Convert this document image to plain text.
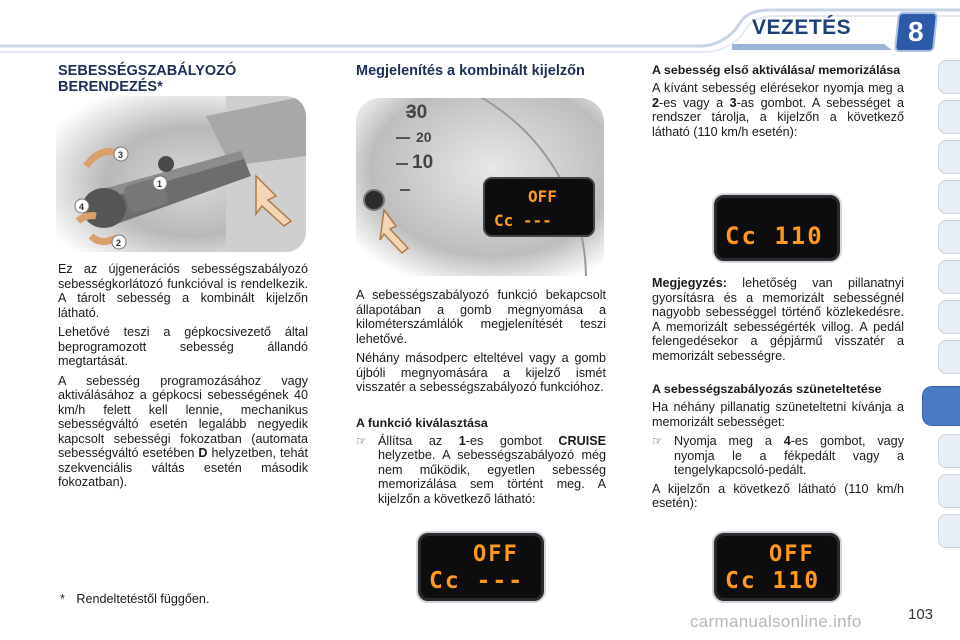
VEZETÉS 8
SEBESSÉGSZABÁLYOZÓ BERENDEZÉS*
3
1
4
2

Ez az újgenerációs sebességszabályozó sebességkorlátozó funkcióval is rendelkezik. A tárolt sebesség a kombinált kijelzőn látható.

Lehetővé teszi a gépkocsivezető által beprogramozott sebesség állandó megtartását.

A sebesség programozásához vagy aktiválásához a gépkocsi sebességének 40 km/h felett kell lennie, mechanikus sebességváltó esetén legalább negyedik kapcsolt sebességi fokozatban (automata sebességváltó esetében D helyzetben, tehát szekvenciális váltás esetén második fokozatban).

* Rendeltetéstől függően.
Megjelenítés a kombinált kijelzőn
30
20
10
OFF
Cc ---

A sebességszabályozó funkció bekapcsolt állapotában a gomb megnyomása a kilométerszámlálók megjelenítését teszi lehetővé.

Néhány másodperc elteltével vagy a gomb újbóli megnyomására a kijelző ismét visszatér a sebességszabályozó funkcióhoz.

A funkció kiválasztása
☞ Állítsa az 1-es gombot CRUISE helyzetbe. A sebességszabályozó még nem működik, egyetlen sebesség memorizálása sem történt meg. A kijelzőn a következő látható:
OFF
Cc ---
A sebesség első aktiválása/ memorizálása

A kívánt sebesség elérésekor nyomja meg a 2-es vagy a 3-as gombot. A sebességet a rendszer tárolja, a kijelzőn a következő látható (110 km/h esetén):

Cc 110

Megjegyzés: lehetőség van pillanatnyi gyorsításra és a memorizált sebességnél nagyobb sebességgel történő közlekedésre. A memorizált sebességérték villog. A pedál felengedésekor a gépjármű visszatér a memorizált sebességre.

A sebességszabályozás szüneteltetése

Ha néhány pillanatig szüneteltetni kívánja a memorizált sebességet:

☞ Nyomja meg a 4-es gombot, vagy nyomja le a fékpedált vagy a tengelykapcsoló-pedált.

A kijelzőn a következő látható (110 km/h esetén):

OFF
Cc 110
carmanualsonline.info	103
